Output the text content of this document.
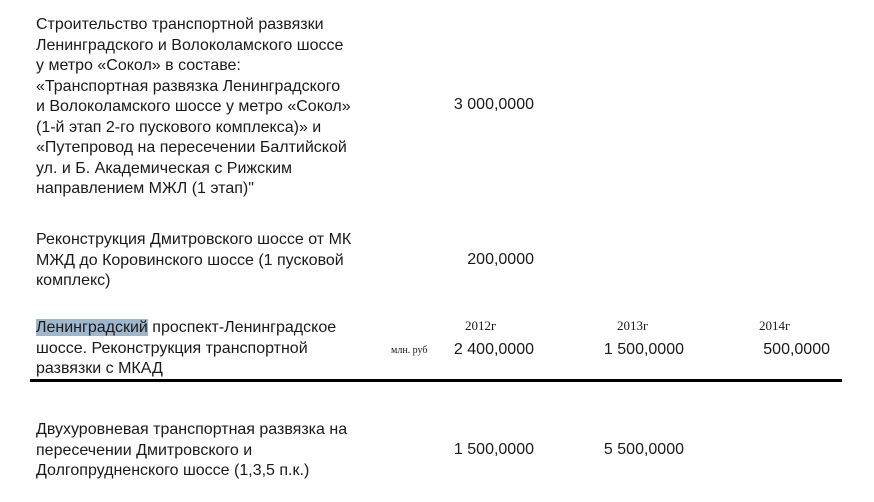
Строительство транспортной развязки
Ленинградского и Волоколамского шоссе
у метро «Сокол» в составе:
«Транспортная развязка Ленинградского
и Волоколамского шоссе у метро «Сокол»
(1-й этап 2-го пускового комплекса)» и
«Путепровод на пересечении Балтийской
ул. и Б. Академическая с Рижским
направлением МЖЛ (1 этап)"
3 000,0000
Реконструкция Дмитровского шоссе от МК
МЖД до Коровинского шоссе (1 пусковой
комплекс)
200,0000
Ленинградский проспект-Ленинградское
шоссе. Реконструкция транспортной
развязки с МКАД
2012г	2013г	2014г
млн. руб 2 400,0000	1 500,0000	500,0000
Двухуровневая транспортная развязка на
пересечении Дмитровского и
Долгопрудненского шоссе (1,3,5 п.к.)
1 500,0000	5 500,0000
